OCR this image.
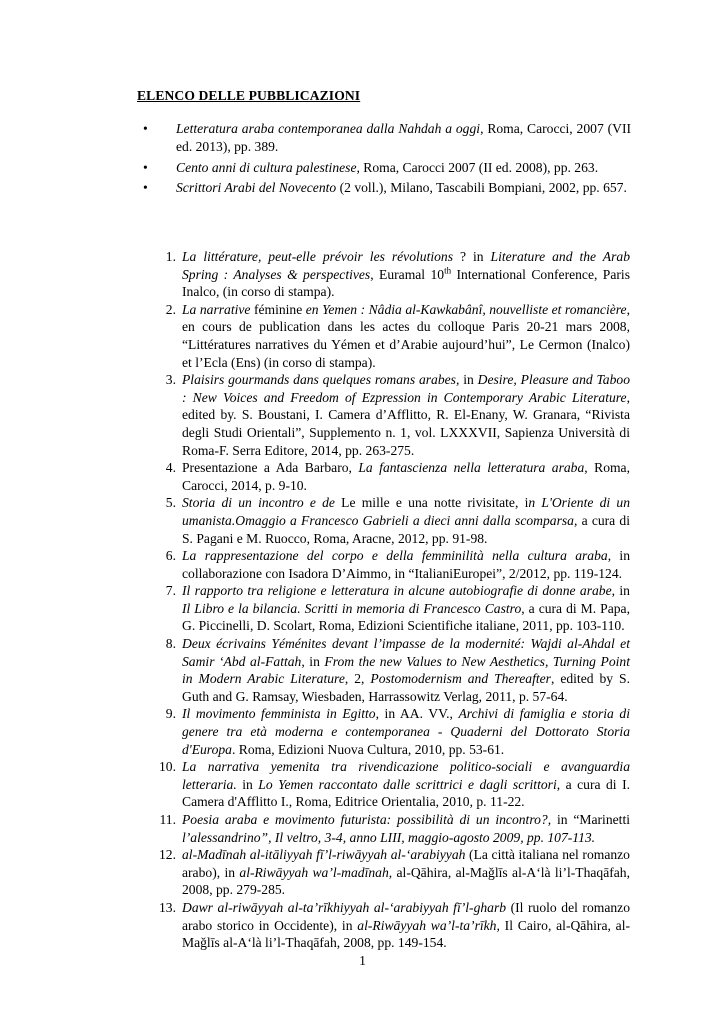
ELENCO DELLE PUBBLICAZIONI
• Letteratura araba contemporanea dalla Nahdah a oggi, Roma, Carocci, 2007 (VII ed. 2013), pp. 389.
• Cento anni di cultura palestinese, Roma, Carocci 2007 (II ed. 2008), pp. 263.
• Scrittori Arabi del Novecento (2 voll.), Milano, Tascabili Bompiani, 2002, pp. 657.
1. La littérature, peut-elle prévoir les révolutions ? in Literature and the Arab Spring : Analyses & perspectives, Euramal 10th International Conference, Paris Inalco, (in corso di stampa).
2. La narrative féminine en Yemen : Nâdia al-Kawkabânî, nouvelliste et romancière, en cours de publication dans les actes du colloque Paris 20-21 mars 2008, “Littératures narratives du Yémen et d’Arabie aujourd’hui”, Le Cermon (Inalco) et l’Ecla (Ens) (in corso di stampa).
3. Plaisirs gourmands dans quelques romans arabes, in Desire, Pleasure and Taboo : New Voices and Freedom of Ezpression in Contemporary Arabic Literature, edited by. S. Boustani, I. Camera d’Afflitto, R. El-Enany, W. Granara, “Rivista degli Studi Orientali”, Supplemento n. 1, vol. LXXXVII, Sapienza Università di Roma-F. Serra Editore, 2014, pp. 263-275.
4. Presentazione a Ada Barbaro, La fantascienza nella letteratura araba, Roma, Carocci, 2014, p. 9-10.
5. Storia di un incontro e de Le mille e una notte rivisitate, in L'Oriente di un umanista.Omaggio a Francesco Gabrieli a dieci anni dalla scomparsa, a cura di S. Pagani e M. Ruocco, Roma, Aracne, 2012, pp. 91-98.
6. La rappresentazione del corpo e della femminilità nella cultura araba, in collaborazione con Isadora D’Aimmo, in “ItalianiEuropei”, 2/2012, pp. 119-124.
7. Il rapporto tra religione e letteratura in alcune autobiografie di donne arabe, in Il Libro e la bilancia. Scritti in memoria di Francesco Castro, a cura di M. Papa, G. Piccinelli, D. Scolart, Roma, Edizioni Scientifiche italiane, 2011, pp. 103-110.
8. Deux écrivains Yéménites devant l’impasse de la modernité: Wajdi al-Ahdal et Samir ‘Abd al-Fattah, in From the new Values to New Aesthetics, Turning Point in Modern Arabic Literature, 2, Postomodernism and Thereafter, edited by S. Guth and G. Ramsay, Wiesbaden, Harrassowitz Verlag, 2011, p. 57-64.
9. Il movimento femminista in Egitto, in AA. VV., Archivi di famiglia e storia di genere tra età moderna e contemporanea - Quaderni del Dottorato Storia d'Europa. Roma, Edizioni Nuova Cultura, 2010, pp. 53-61.
10. La narrativa yemenita tra rivendicazione politico-sociali e avanguardia letteraria. in Lo Yemen raccontato dalle scrittrici e dagli scrittori, a cura di I. Camera d'Afflitto I., Roma, Editrice Orientalia, 2010, p. 11-22.
11. Poesia araba e movimento futurista: possibilità di un incontro?, in “Marinetti l’alessandrino”, Il veltro, 3-4, anno LIII, maggio-agosto 2009, pp. 107-113.
12. al-Madīnah al-itāliyyah fī’l-riwāyyah al-‘arabiyyah (La città italiana nel romanzo arabo), in al-Riwāyyah wa’l-madīnah, al-Qāhira, al-Maǧlīs al-A‘là li’l-Thaqāfah, 2008, pp. 279-285.
13. Dawr al-riwāyyah al-ta’rīkhiyyah al-‘arabiyyah fī’l-gharb (Il ruolo del romanzo arabo storico in Occidente), in al-Riwāyyah wa’l-ta’rīkh, Il Cairo, al-Qāhira, al-Maǧlīs al-A‘là li’l-Thaqāfah, 2008, pp. 149-154.
1
